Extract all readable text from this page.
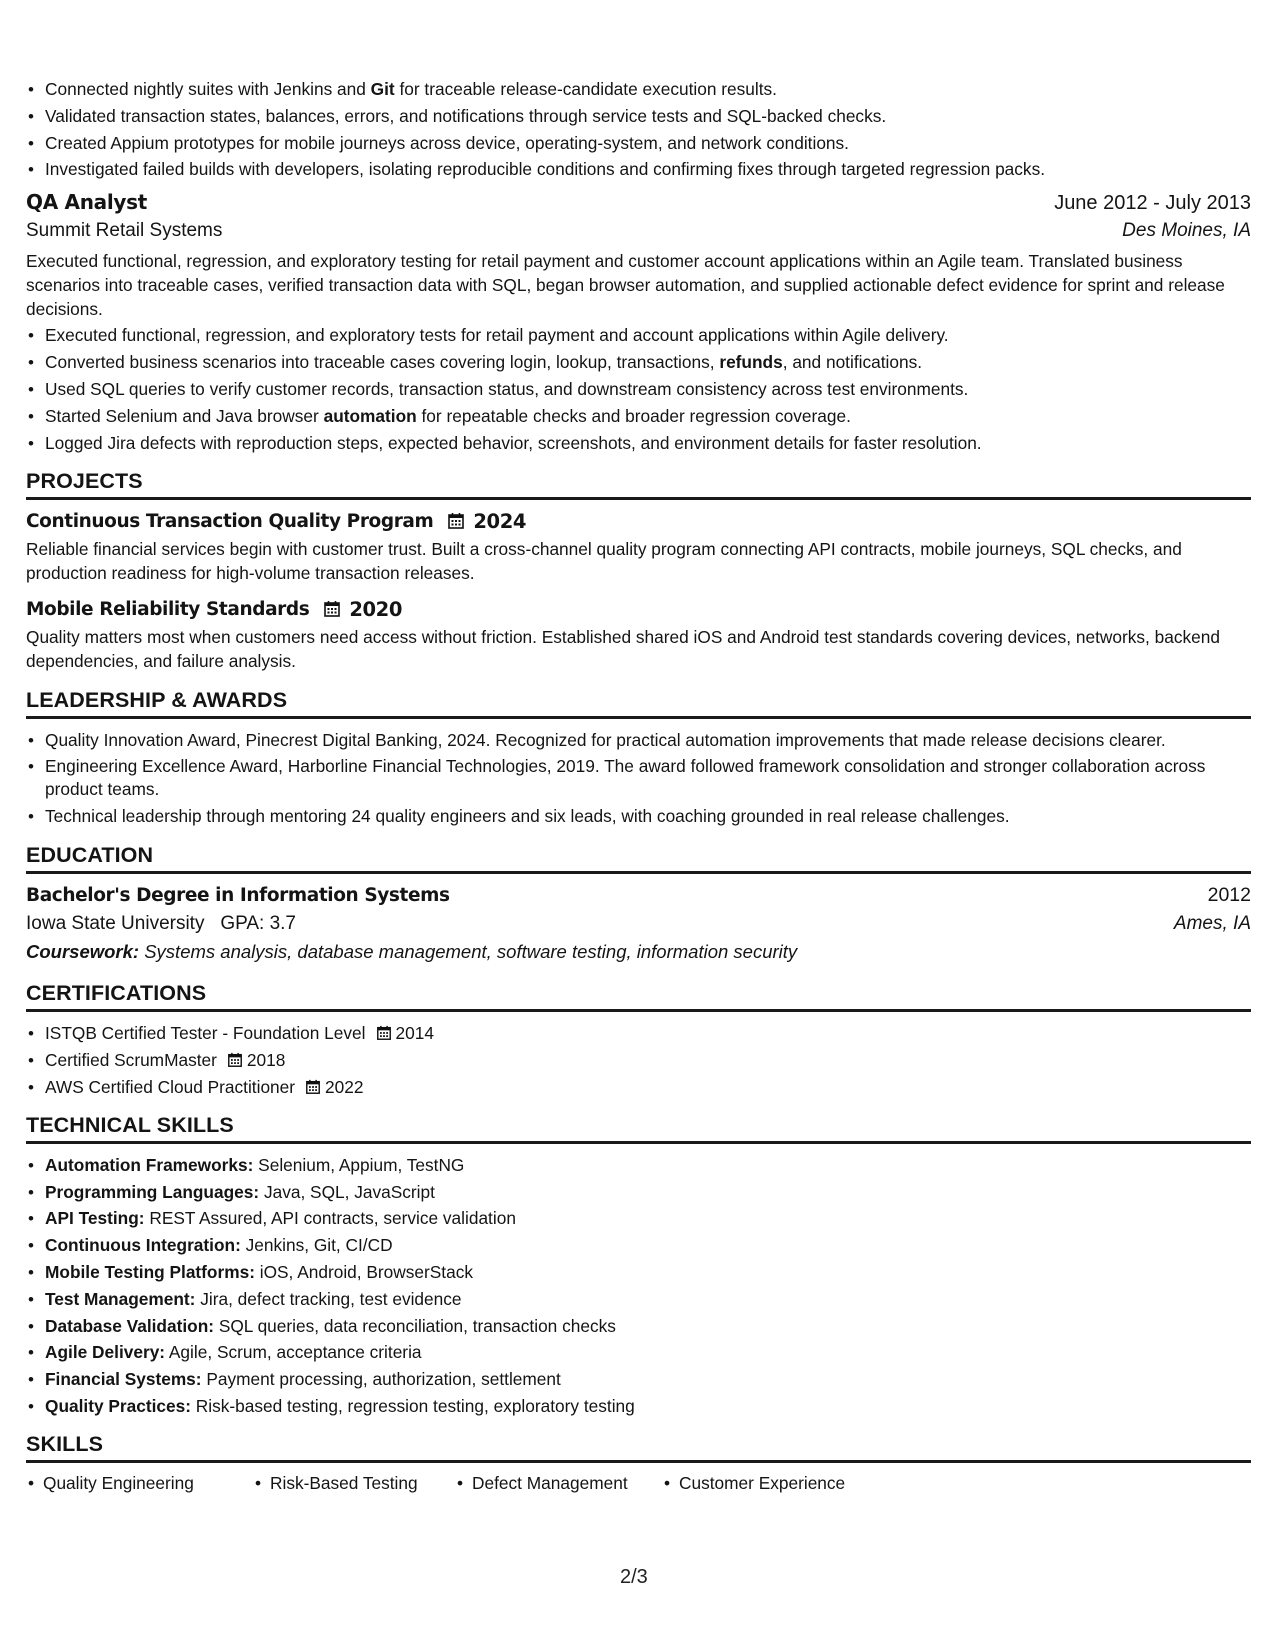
• Connected nightly suites with Jenkins and Git for traceable release-candidate execution results.
• Validated transaction states, balances, errors, and notifications through service tests and SQL-backed checks.
• Created Appium prototypes for mobile journeys across device, operating-system, and network conditions.
• Investigated failed builds with developers, isolating reproducible conditions and confirming fixes through targeted regression packs.
QA Analyst	June 2012 - July 2013
Summit Retail Systems	Des Moines, IA
Executed functional, regression, and exploratory testing for retail payment and customer account applications within an Agile team. Translated business scenarios into traceable cases, verified transaction data with SQL, began browser automation, and supplied actionable defect evidence for sprint and release decisions.
• Executed functional, regression, and exploratory tests for retail payment and account applications within Agile delivery.
• Converted business scenarios into traceable cases covering login, lookup, transactions, refunds, and notifications.
• Used SQL queries to verify customer records, transaction status, and downstream consistency across test environments.
• Started Selenium and Java browser automation for repeatable checks and broader regression coverage.
• Logged Jira defects with reproduction steps, expected behavior, screenshots, and environment details for faster resolution.
PROJECTS
Continuous Transaction Quality Program 2024
Reliable financial services begin with customer trust. Built a cross-channel quality program connecting API contracts, mobile journeys, SQL checks, and production readiness for high-volume transaction releases.
Mobile Reliability Standards 2020
Quality matters most when customers need access without friction. Established shared iOS and Android test standards covering devices, networks, backend dependencies, and failure analysis.
LEADERSHIP & AWARDS
• Quality Innovation Award, Pinecrest Digital Banking, 2024. Recognized for practical automation improvements that made release decisions clearer.
• Engineering Excellence Award, Harborline Financial Technologies, 2019. The award followed framework consolidation and stronger collaboration across product teams.
• Technical leadership through mentoring 24 quality engineers and six leads, with coaching grounded in real release challenges.
EDUCATION
Bachelor's Degree in Information Systems	2012
Iowa State University GPA: 3.7	Ames, IA
Coursework: Systems analysis, database management, software testing, information security
CERTIFICATIONS
• ISTQB Certified Tester - Foundation Level 2014
• Certified ScrumMaster 2018
• AWS Certified Cloud Practitioner 2022
TECHNICAL SKILLS
• Automation Frameworks: Selenium, Appium, TestNG
• Programming Languages: Java, SQL, JavaScript
• API Testing: REST Assured, API contracts, service validation
• Continuous Integration: Jenkins, Git, CI/CD
• Mobile Testing Platforms: iOS, Android, BrowserStack
• Test Management: Jira, defect tracking, test evidence
• Database Validation: SQL queries, data reconciliation, transaction checks
• Agile Delivery: Agile, Scrum, acceptance criteria
• Financial Systems: Payment processing, authorization, settlement
• Quality Practices: Risk-based testing, regression testing, exploratory testing
SKILLS
• Quality Engineering	• Risk-Based Testing	• Defect Management	• Customer Experience
2/3
